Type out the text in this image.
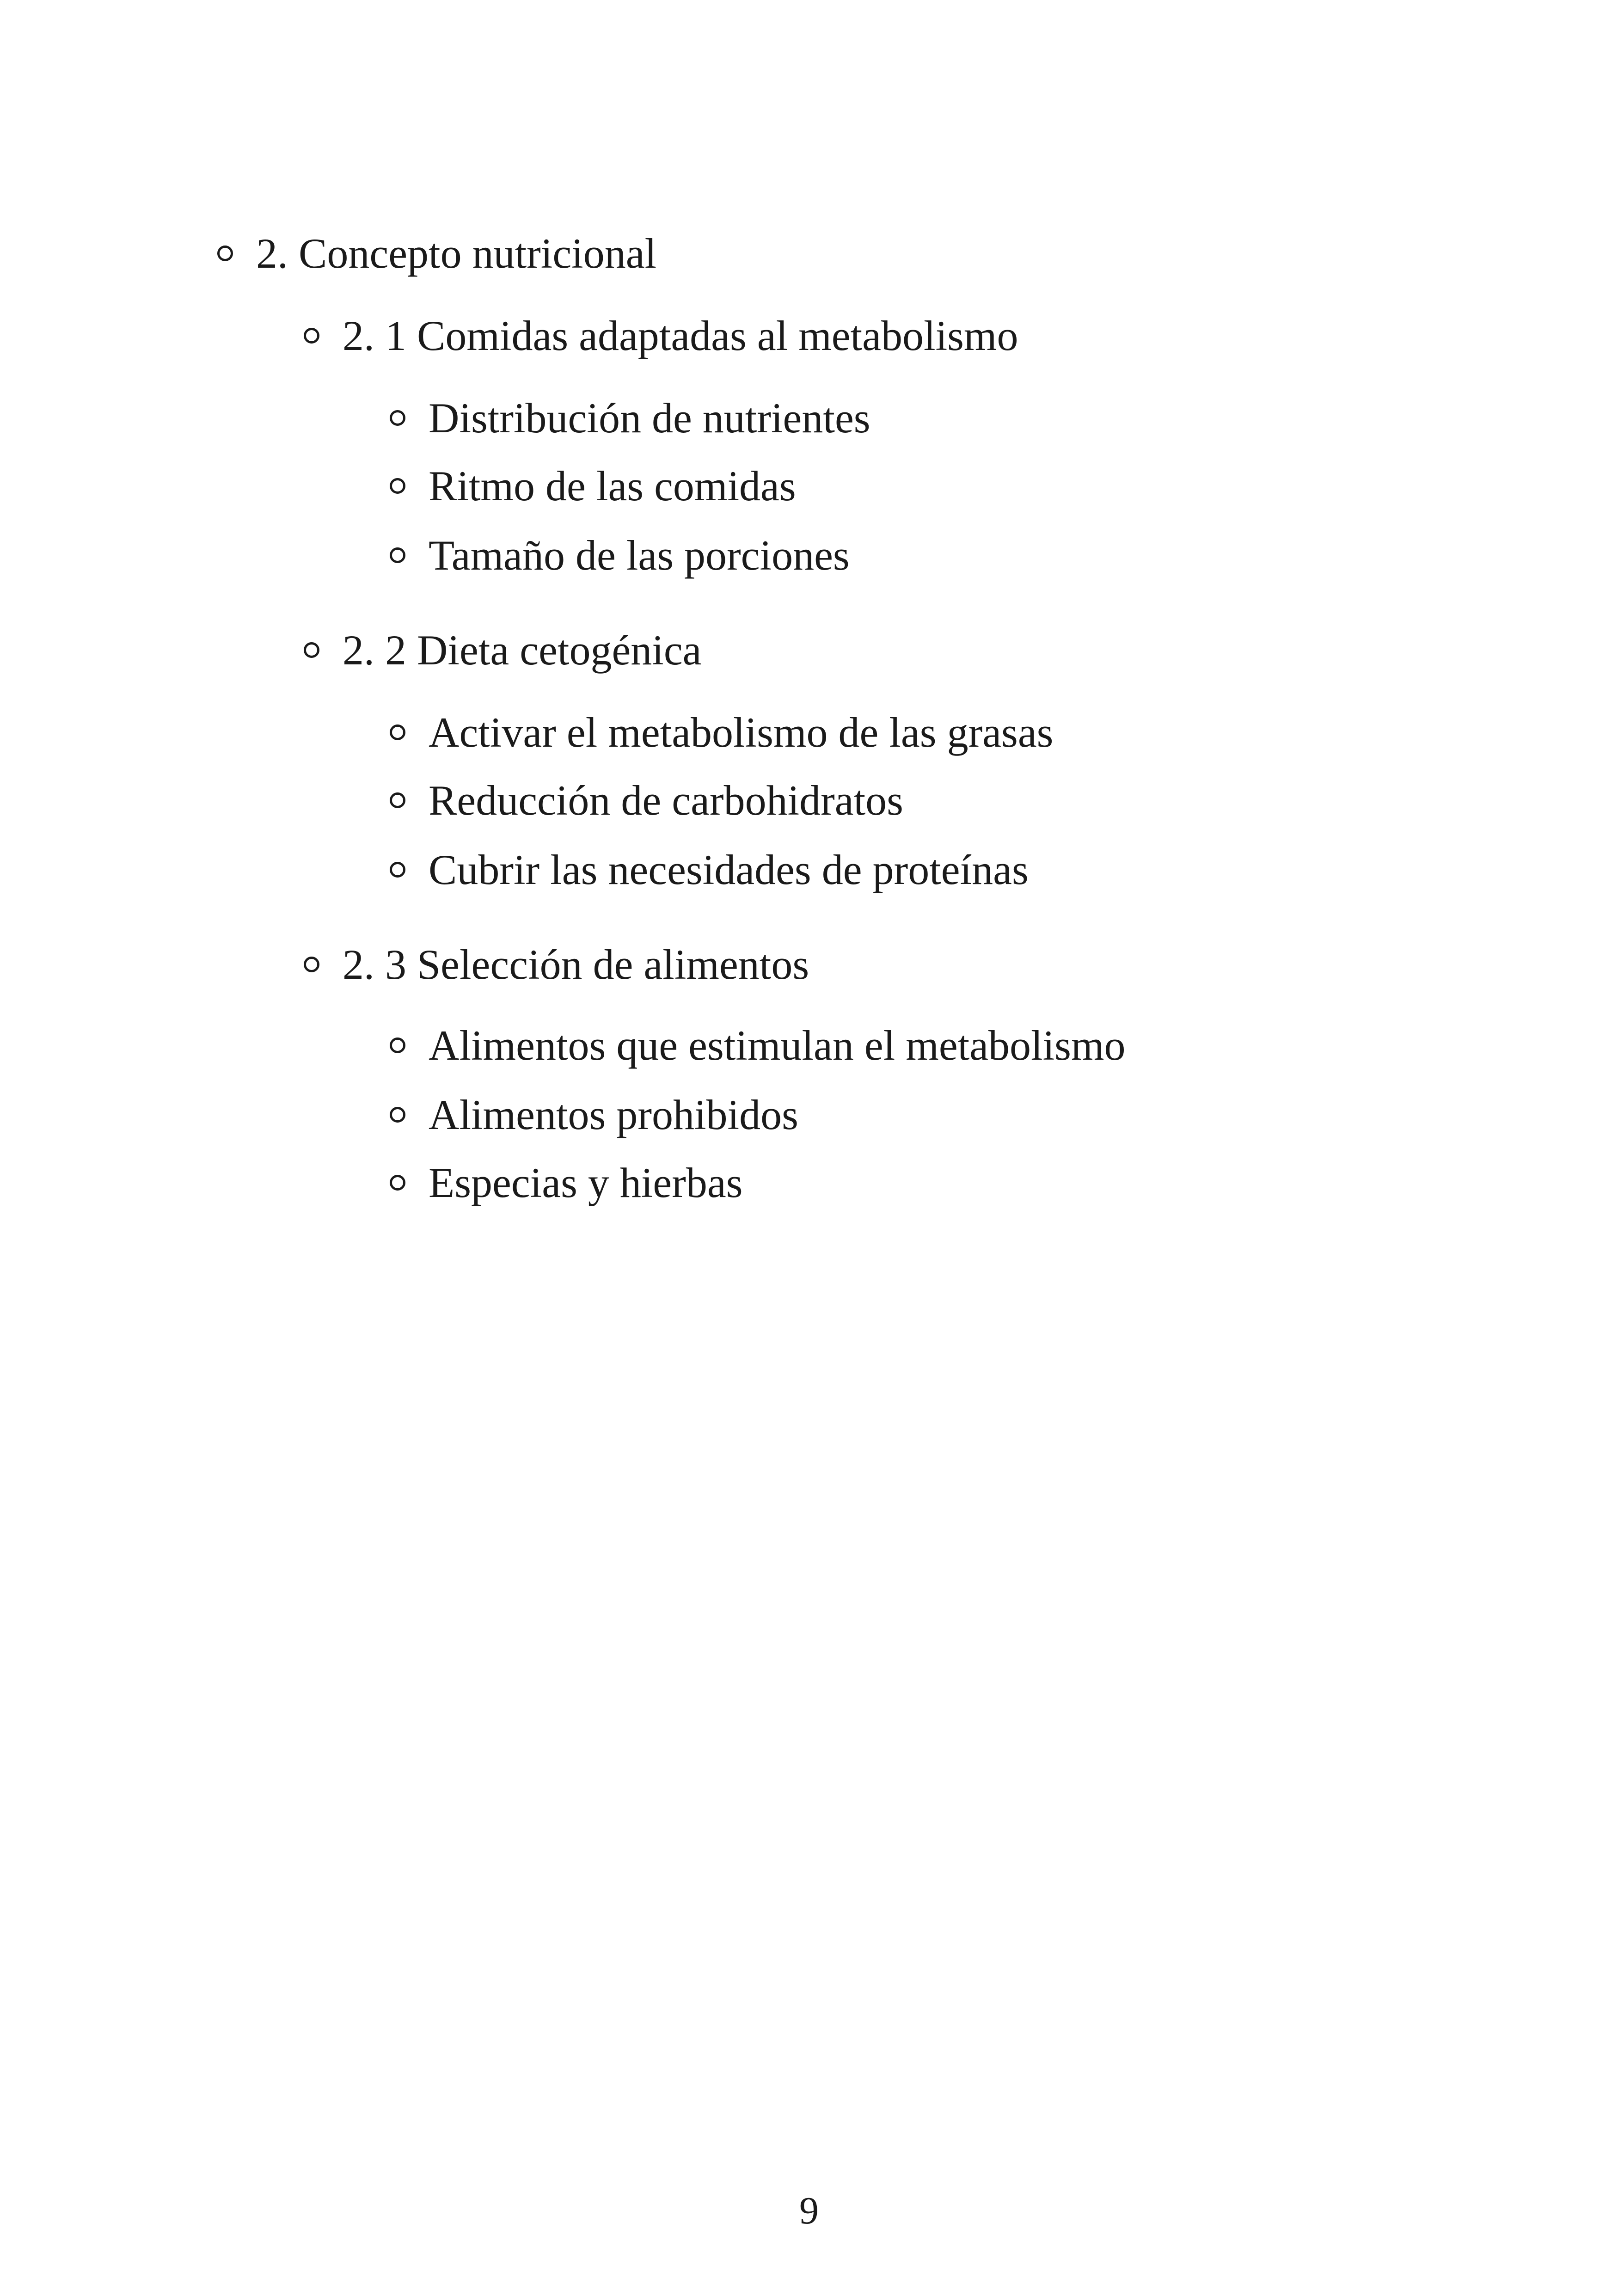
2. Concepto nutricional
2. 1 Comidas adaptadas al metabolismo
Distribución de nutrientes
Ritmo de las comidas
Tamaño de las porciones
2. 2 Dieta cetogénica
Activar el metabolismo de las grasas
Reducción de carbohidratos
Cubrir las necesidades de proteínas
2. 3 Selección de alimentos
Alimentos que estimulan el metabolismo
Alimentos prohibidos
Especias y hierbas
9
